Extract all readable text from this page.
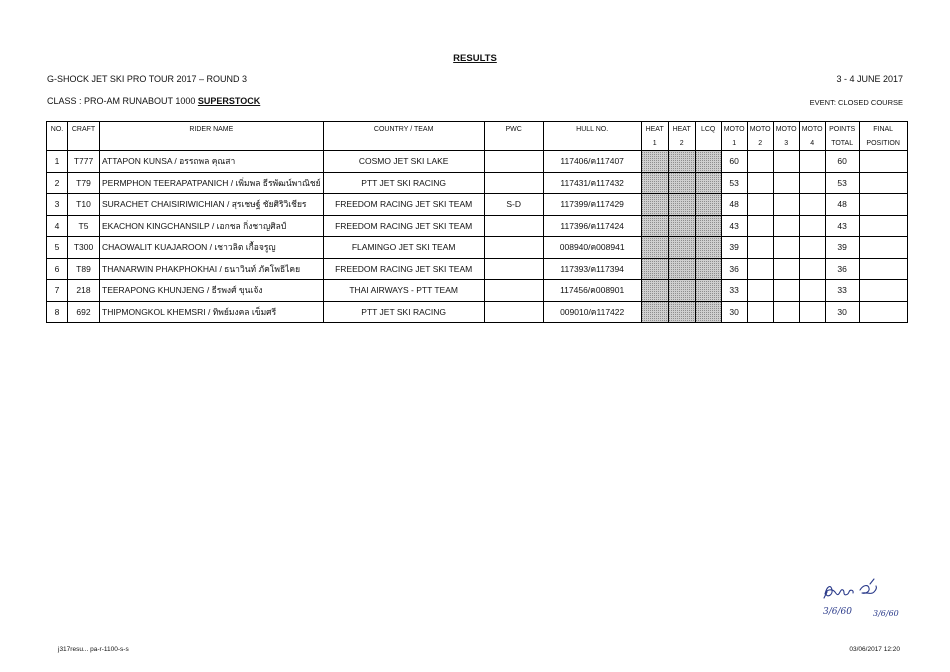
RESULTS
G-SHOCK JET SKI PRO TOUR 2017 – ROUND 3	3 - 4 JUNE 2017
CLASS : PRO-AM RUNABOUT 1000 SUPERSTOCK	EVENT: CLOSED COURSE
NO.	CRAFT	RIDER NAME	COUNTRY / TEAM	PWC	HULL NO.	HEAT	HEAT	LCQ	MOTO	MOTO	MOTO	MOTO	POINTS	FINAL
						1	2		1	2	3	4	TOTAL	POSITION
1	T777	ATTAPON KUNSA / อรรถพล คุณสา	COSMO JET SKI LAKE		117406/ค117407				60				60	
2	T79	PERMPHON TEERAPATPANICH / เพิ่มพล ธีรพัฒน์พาณิชย์	PTT JET SKI RACING		117431/ค117432				53				53	
3	T10	SURACHET CHAISIRIWICHIAN / สุรเชษฐ์ ชัยศิริวิเชียร	FREEDOM RACING JET SKI TEAM	S-D	117399/ค117429				48				48	
4	T5	EKACHON KINGCHANSILP / เอกชล กิ่งชาญศิลป์	FREEDOM RACING JET SKI TEAM		117396/ค117424				43				43	
5	T300	CHAOWALIT KUAJAROON / เชาวลิต เกื้อจรูญ	FLAMINGO JET SKI TEAM		008940/ค008941				39				39	
6	T89	THANARWIN PHAKPHOKHAI / ธนาวินท์ ภัคโพธิไคย	FREEDOM RACING JET SKI TEAM		117393/ค117394				36				36	
7	218	TEERAPONG KHUNJENG / ธีรพงศ์ ขุนเจ้ง	THAI AIRWAYS - PTT TEAM		117456/ค008901				33				33	
8	692	THIPMONGKOL KHEMSRI / ทิพย์มงคล เข็มศรี	PTT JET SKI RACING		009010/ค117422				30				30	
3/6/60	3/6/60
j317resu... pa-r-1100-s-s	03/06/2017 12:20
